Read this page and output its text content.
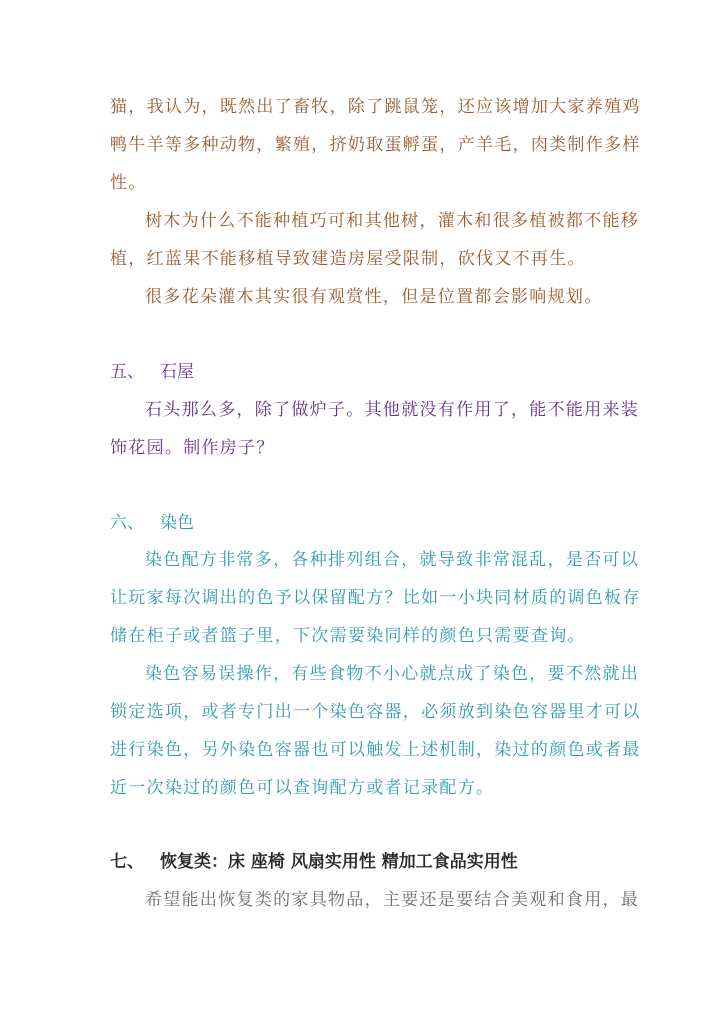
猫，我认为，既然出了畜牧，除了跳鼠笼，还应该增加大家养殖鸡
鸭牛羊等多种动物，繁殖，挤奶取蛋孵蛋，产羊毛，肉类制作多样
性。
树木为什么不能种植巧可和其他树，灌木和很多植被都不能移
植，红蓝果不能移植导致建造房屋受限制，砍伐又不再生。
很多花朵灌木其实很有观赏性，但是位置都会影响规划。
五、 石屋
石头那么多，除了做炉子。其他就没有作用了，能不能用来装
饰花园。制作房子？
六、 染色
染色配方非常多，各种排列组合，就导致非常混乱，是否可以
让玩家每次调出的色予以保留配方？比如一小块同材质的调色板存
储在柜子或者篮子里，下次需要染同样的颜色只需要查询。
染色容易误操作，有些食物不小心就点成了染色，要不然就出
锁定选项，或者专门出一个染色容器，必须放到染色容器里才可以
进行染色，另外染色容器也可以触发上述机制，染过的颜色或者最
近一次染过的颜色可以查询配方或者记录配方。
七、 恢复类：床 座椅 风扇实用性 精加工食品实用性
希望能出恢复类的家具物品，主要还是要结合美观和食用，最
